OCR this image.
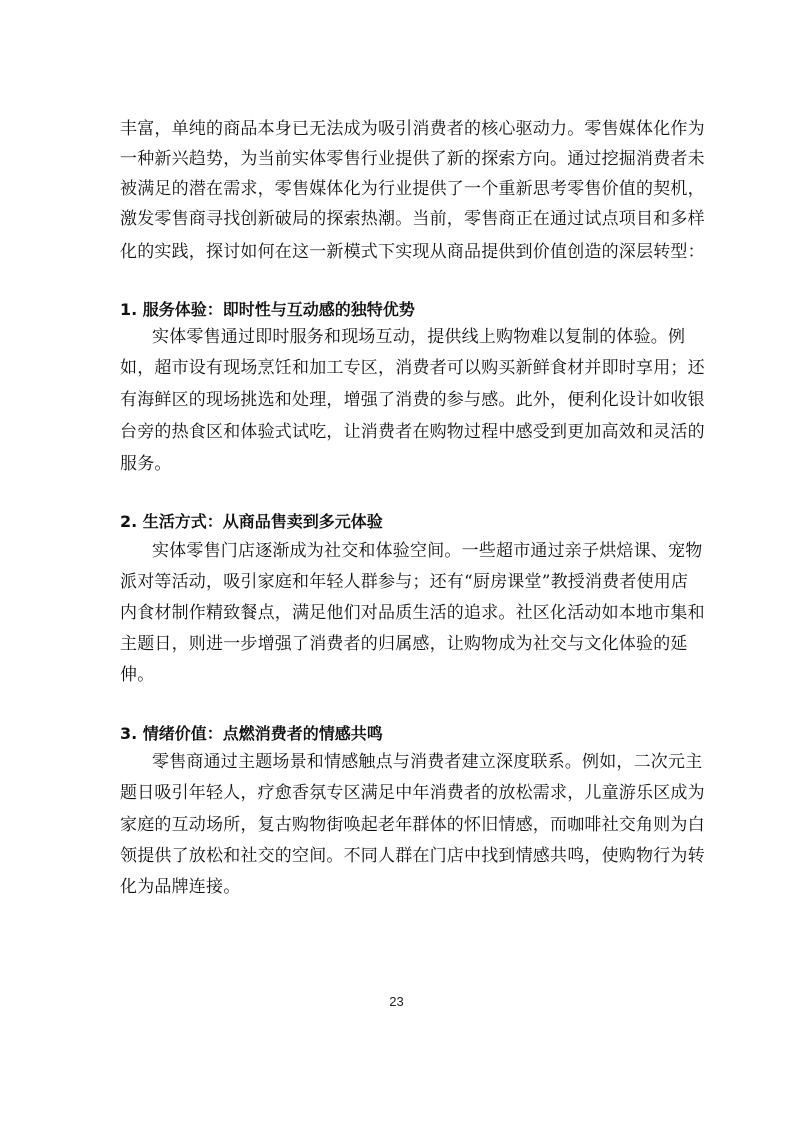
丰富，单纯的商品本身已无法成为吸引消费者的核心驱动力。零售媒体化作为
一种新兴趋势，为当前实体零售行业提供了新的探索方向。通过挖掘消费者未
被满足的潜在需求，零售媒体化为行业提供了一个重新思考零售价值的契机，
激发零售商寻找创新破局的探索热潮。当前，零售商正在通过试点项目和多样
化的实践，探讨如何在这一新模式下实现从商品提供到价值创造的深层转型：
1. 服务体验：即时性与互动感的独特优势
实体零售通过即时服务和现场互动，提供线上购物难以复制的体验。例
如，超市设有现场烹饪和加工专区，消费者可以购买新鲜食材并即时享用；还
有海鲜区的现场挑选和处理，增强了消费的参与感。此外，便利化设计如收银
台旁的热食区和体验式试吃，让消费者在购物过程中感受到更加高效和灵活的
服务。
2. 生活方式：从商品售卖到多元体验
实体零售门店逐渐成为社交和体验空间。一些超市通过亲子烘焙课、宠物
派对等活动，吸引家庭和年轻人群参与；还有“厨房课堂”教授消费者使用店
内食材制作精致餐点，满足他们对品质生活的追求。社区化活动如本地市集和
主题日，则进一步增强了消费者的归属感，让购物成为社交与文化体验的延
伸。
3. 情绪价值：点燃消费者的情感共鸣
零售商通过主题场景和情感触点与消费者建立深度联系。例如，二次元主
题日吸引年轻人，疗愈香氛专区满足中年消费者的放松需求，儿童游乐区成为
家庭的互动场所，复古购物街唤起老年群体的怀旧情感，而咖啡社交角则为白
领提供了放松和社交的空间。不同人群在门店中找到情感共鸣，使购物行为转
化为品牌连接。
23
